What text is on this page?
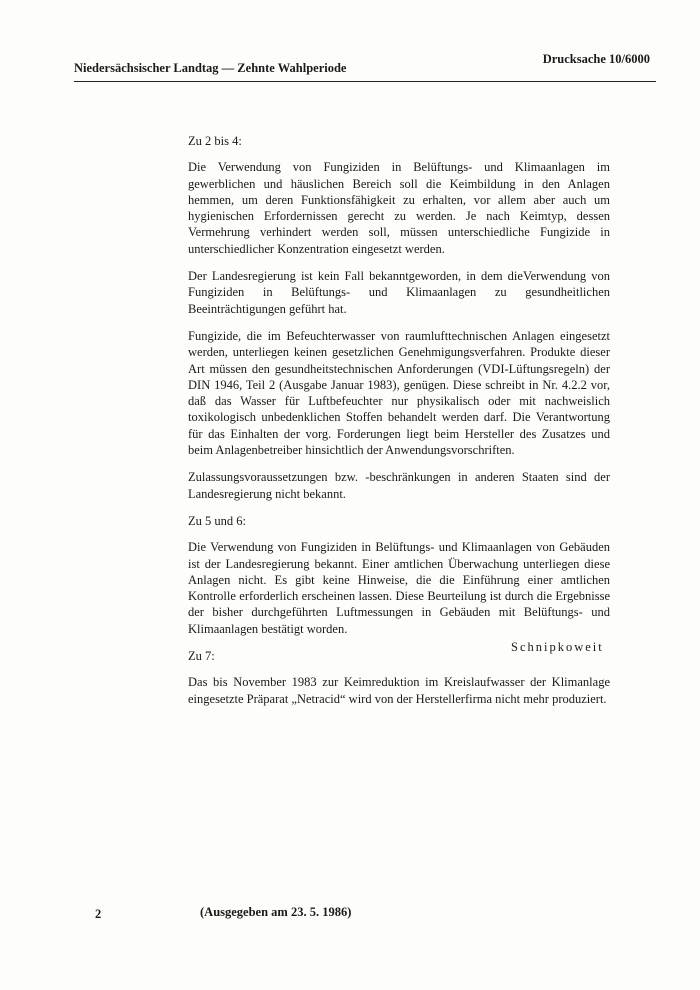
Niedersächsischer Landtag — Zehnte Wahlperiode
Drucksache 10/6000

Zu 2 bis 4:

Die Verwendung von Fungiziden in Belüftungs- und Klimaanlagen im gewerblichen und häuslichen Bereich soll die Keimbildung in den Anlagen hemmen, um deren Funktionsfähigkeit zu erhalten, vor allem aber auch um hygienischen Erfordernissen gerecht zu werden. Je nach Keimtyp, dessen Vermehrung verhindert werden soll, müssen unterschiedliche Fungizide in unterschiedlicher Konzentration eingesetzt werden.

Der Landesregierung ist kein Fall bekanntgeworden, in dem dieVerwendung von Fungiziden in Belüftungs- und Klimaanlagen zu gesundheitlichen Beeinträchtigungen geführt hat.

Fungizide, die im Befeuchterwasser von raumlufttechnischen Anlagen eingesetzt werden, unterliegen keinen gesetzlichen Genehmigungsverfahren. Produkte dieser Art müssen den gesundheitstechnischen Anforderungen (VDI-Lüftungsregeln) der DIN 1946, Teil 2 (Ausgabe Januar 1983), genügen. Diese schreibt in Nr. 4.2.2 vor, daß das Wasser für Luftbefeuchter nur physikalisch oder mit nachweislich toxikologisch unbedenklichen Stoffen behandelt werden darf. Die Verantwortung für das Einhalten der vorg. Forderungen liegt beim Hersteller des Zusatzes und beim Anlagenbetreiber hinsichtlich der Anwendungsvorschriften.

Zulassungsvoraussetzungen bzw. -beschränkungen in anderen Staaten sind der Landesregierung nicht bekannt.

Zu 5 und 6:

Die Verwendung von Fungiziden in Belüftungs- und Klimaanlagen von Gebäuden ist der Landesregierung bekannt. Einer amtlichen Überwachung unterliegen diese Anlagen nicht. Es gibt keine Hinweise, die die Einführung einer amtlichen Kontrolle erforderlich erscheinen lassen. Diese Beurteilung ist durch die Ergebnisse der bisher durchgeführten Luftmessungen in Gebäuden mit Belüftungs- und Klimaanlagen bestätigt worden.

Zu 7:

Das bis November 1983 zur Keimreduktion im Kreislaufwasser der Klimanlage eingesetzte Präparat „Netracid“ wird von der Herstellerfirma nicht mehr produziert.

Schnipkoweit
2	(Ausgegeben am 23. 5. 1986)
